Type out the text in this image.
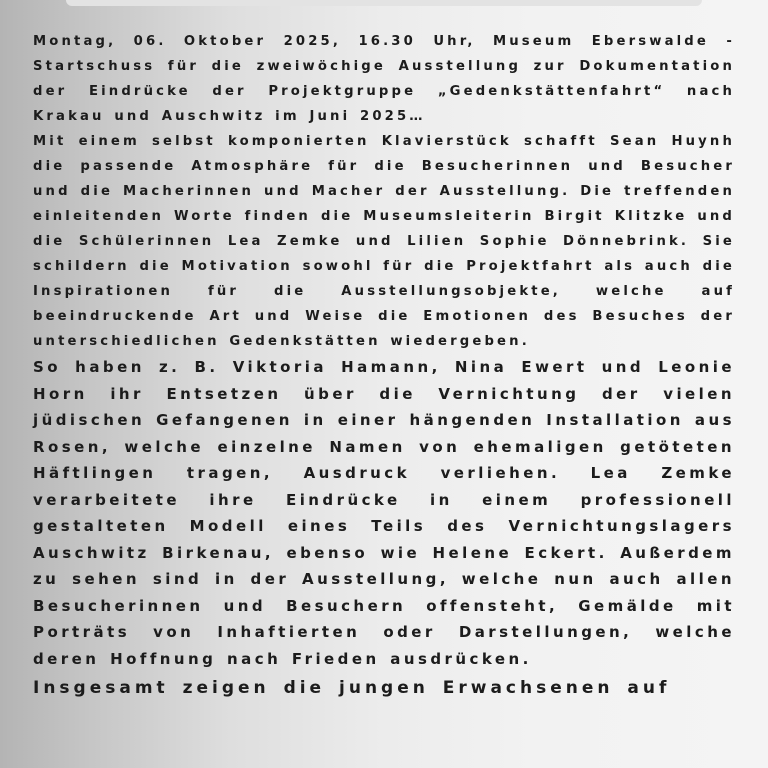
Montag, 06. Oktober 2025, 16.30 Uhr, Museum Eberswalde - Startschuss für die zweiwöchige Ausstellung zur Dokumentation der Eindrücke der Projektgruppe „Gedenkstättenfahrt“ nach Krakau und Auschwitz im Juni 2025…

Mit einem selbst komponierten Klavierstück schafft Sean Huynh die passende Atmosphäre für die Besucherinnen und Besucher und die Macherinnen und Macher der Ausstellung. Die treffenden einleitenden Worte finden die Museumsleiterin Birgit Klitzke und die Schülerinnen Lea Zemke und Lilien Sophie Dönnebrink. Sie schildern die Motivation sowohl für die Projektfahrt als auch die Inspirationen für die Ausstellungsobjekte, welche auf beeindruckende Art und Weise die Emotionen des Besuches der unterschiedlichen Gedenkstätten wiedergeben.

So haben z. B. Viktoria Hamann, Nina Ewert und Leonie Horn ihr Entsetzen über die Vernichtung der vielen jüdischen Gefangenen in einer hängenden Installation aus Rosen, welche einzelne Namen von ehemaligen getöteten Häftlingen tragen, Ausdruck verliehen. Lea Zemke verarbeitete ihre Eindrücke in einem professionell gestalteten Modell eines Teils des Vernichtungslagers Auschwitz Birkenau, ebenso wie Helene Eckert. Außerdem zu sehen sind in der Ausstellung, welche nun auch allen Besucherinnen und Besuchern offensteht, Gemälde mit Porträts von Inhaftierten oder Darstellungen, welche deren Hoffnung nach Frieden ausdrücken.

Insgesamt zeigen die jungen Erwachsenen auf
